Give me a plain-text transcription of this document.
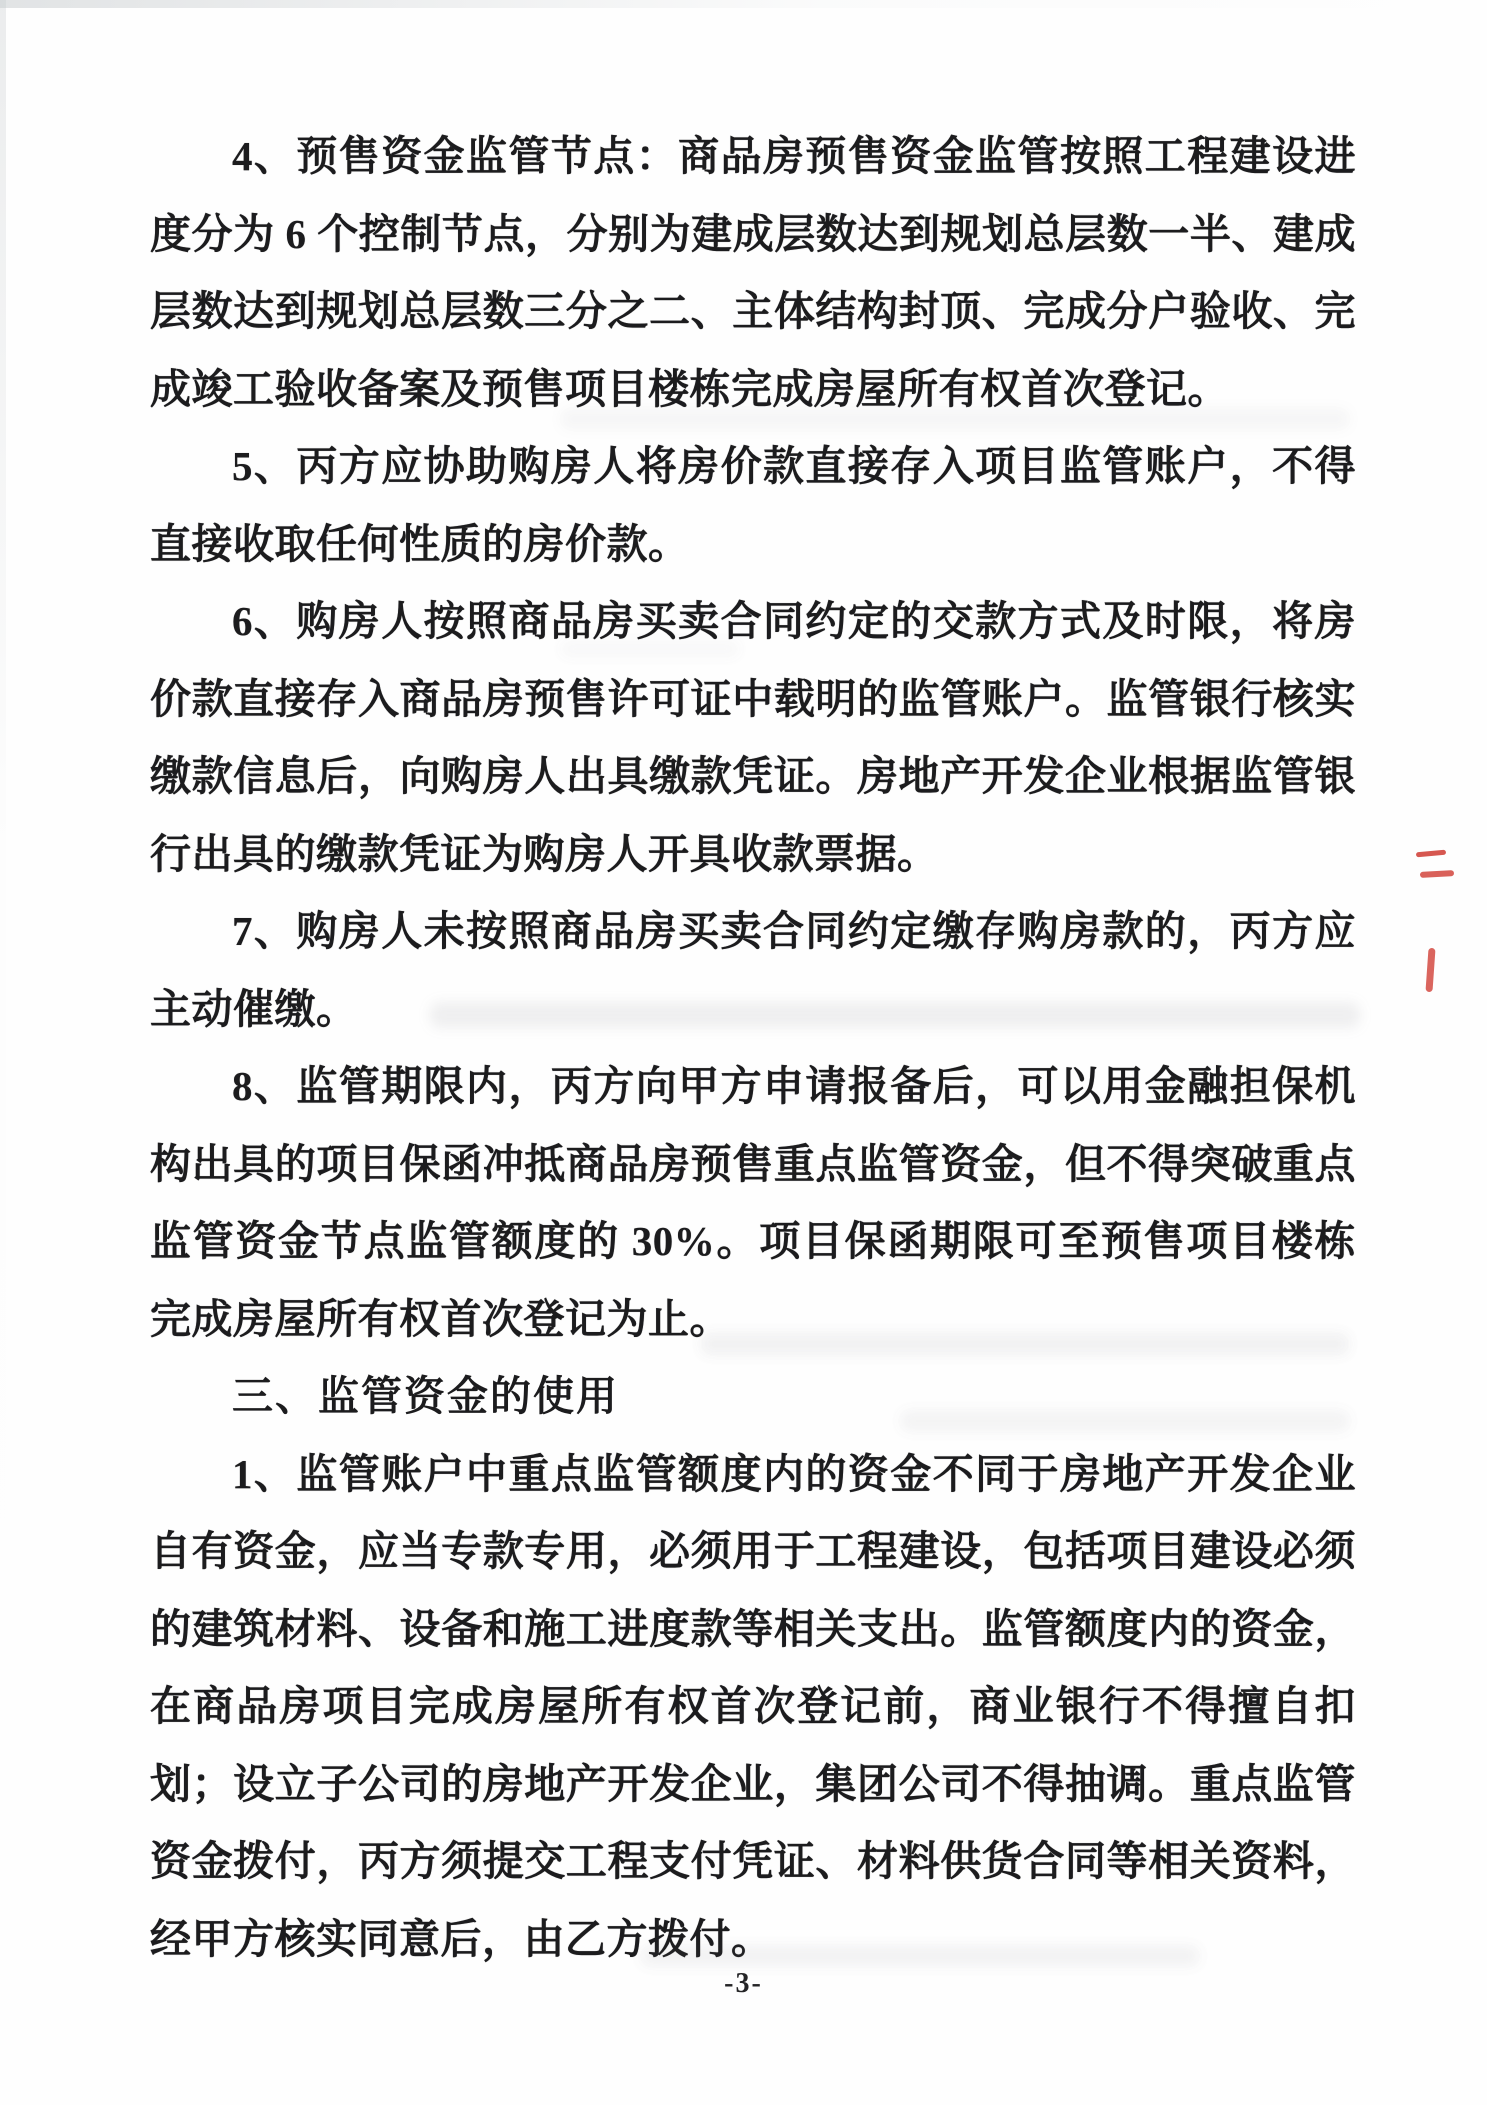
4、预售资金监管节点：商品房预售资金监管按照工程建设进度分为 6 个控制节点，分别为建成层数达到规划总层数一半、建成层数达到规划总层数三分之二、主体结构封顶、完成分户验收、完成竣工验收备案及预售项目楼栋完成房屋所有权首次登记。

5、丙方应协助购房人将房价款直接存入项目监管账户，不得直接收取任何性质的房价款。

6、购房人按照商品房买卖合同约定的交款方式及时限，将房价款直接存入商品房预售许可证中载明的监管账户。监管银行核实缴款信息后，向购房人出具缴款凭证。房地产开发企业根据监管银行出具的缴款凭证为购房人开具收款票据。

7、购房人未按照商品房买卖合同约定缴存购房款的，丙方应主动催缴。

8、监管期限内，丙方向甲方申请报备后，可以用金融担保机构出具的项目保函冲抵商品房预售重点监管资金，但不得突破重点监管资金节点监管额度的 30%。项目保函期限可至预售项目楼栋完成房屋所有权首次登记为止。

三、监管资金的使用

1、监管账户中重点监管额度内的资金不同于房地产开发企业自有资金，应当专款专用，必须用于工程建设，包括项目建设必须的建筑材料、设备和施工进度款等相关支出。监管额度内的资金，在商品房项目完成房屋所有权首次登记前，商业银行不得擅自扣划；设立子公司的房地产开发企业，集团公司不得抽调。重点监管资金拨付，丙方须提交工程支付凭证、材料供货合同等相关资料，经甲方核实同意后，由乙方拨付。

-3-
